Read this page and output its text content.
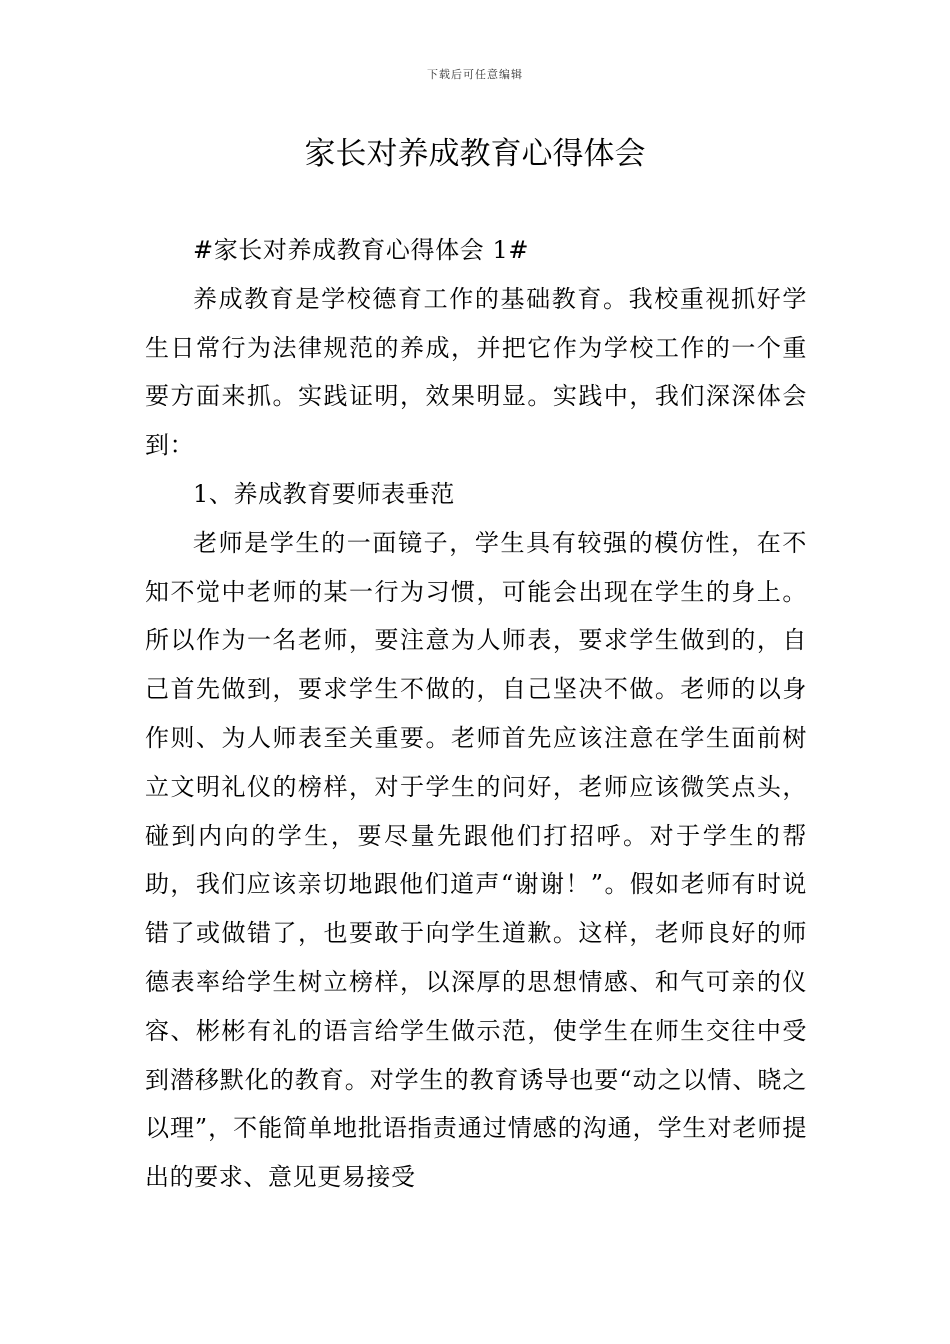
下载后可任意编辑
家长对养成教育心得体会

#家长对养成教育心得体会 1#

养成教育是学校德育工作的基础教育。我校重视抓好学生日常行为法律规范的养成，并把它作为学校工作的一个重要方面来抓。实践证明，效果明显。实践中，我们深深体会到：

1、养成教育要师表垂范

老师是学生的一面镜子，学生具有较强的模仿性，在不知不觉中老师的某一行为习惯，可能会出现在学生的身上。所以作为一名老师，要注意为人师表，要求学生做到的，自己首先做到，要求学生不做的，自己坚决不做。老师的以身作则、为人师表至关重要。老师首先应该注意在学生面前树立文明礼仪的榜样，对于学生的问好，老师应该微笑点头，碰到内向的学生，要尽量先跟他们打招呼。对于学生的帮助，我们应该亲切地跟他们道声“谢谢！”。假如老师有时说错了或做错了，也要敢于向学生道歉。这样，老师良好的师德表率给学生树立榜样，以深厚的思想情感、和气可亲的仪容、彬彬有礼的语言给学生做示范，使学生在师生交往中受到潜移默化的教育。对学生的教育诱导也要“动之以情、晓之以理”，不能简单地批语指责通过情感的沟通，学生对老师提出的要求、意见更易接受
